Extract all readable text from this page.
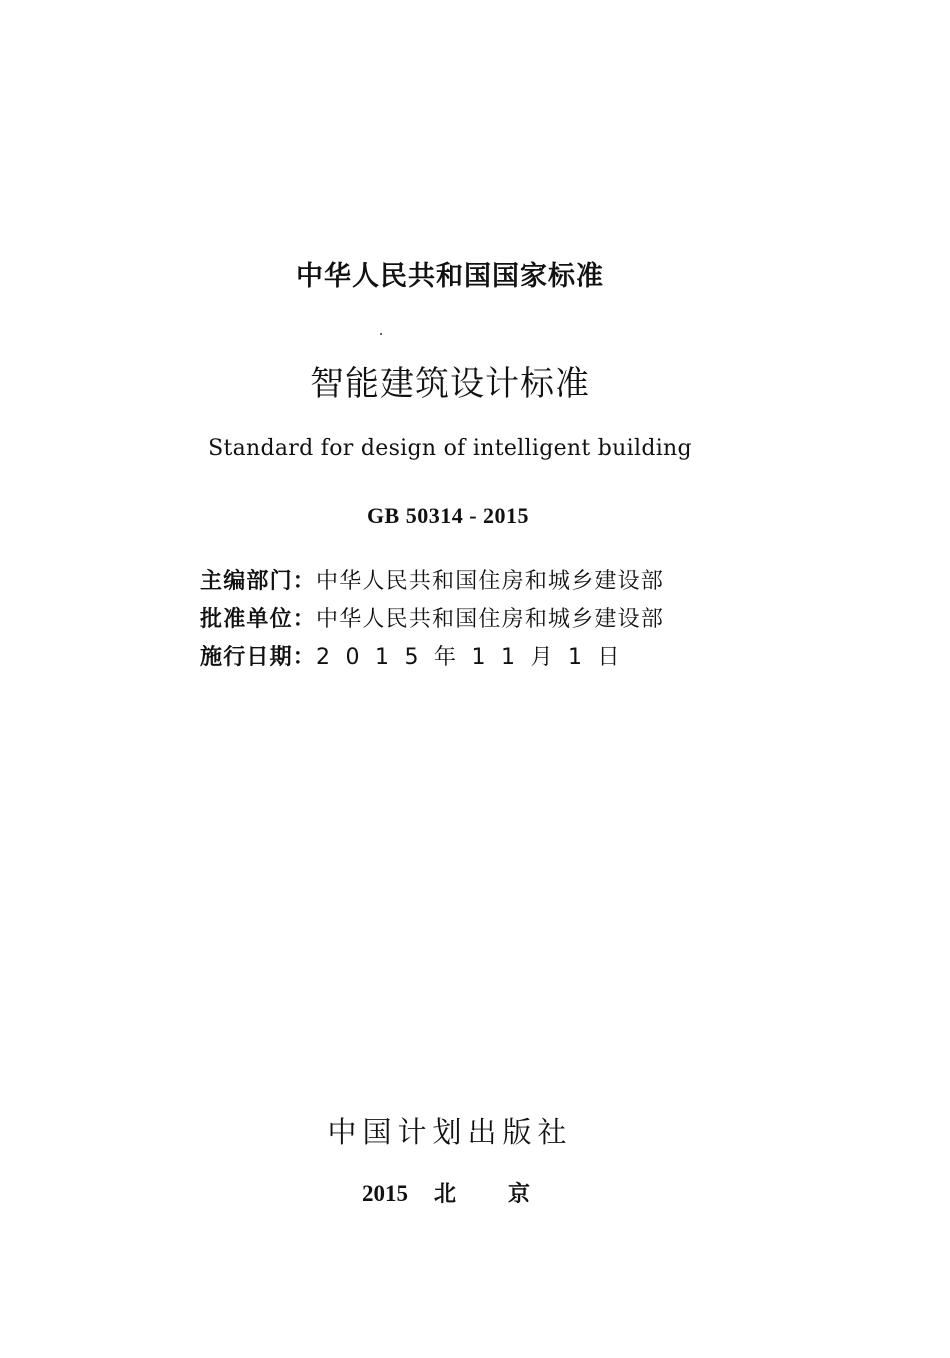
中华人民共和国国家标准
智能建筑设计标准
Standard for design of intelligent building
GB 50314 - 2015
主编部门：中华人民共和国住房和城乡建设部
批准单位：中华人民共和国住房和城乡建设部
施行日期：2015年11月1日
中国计划出版社
2015 北 京
